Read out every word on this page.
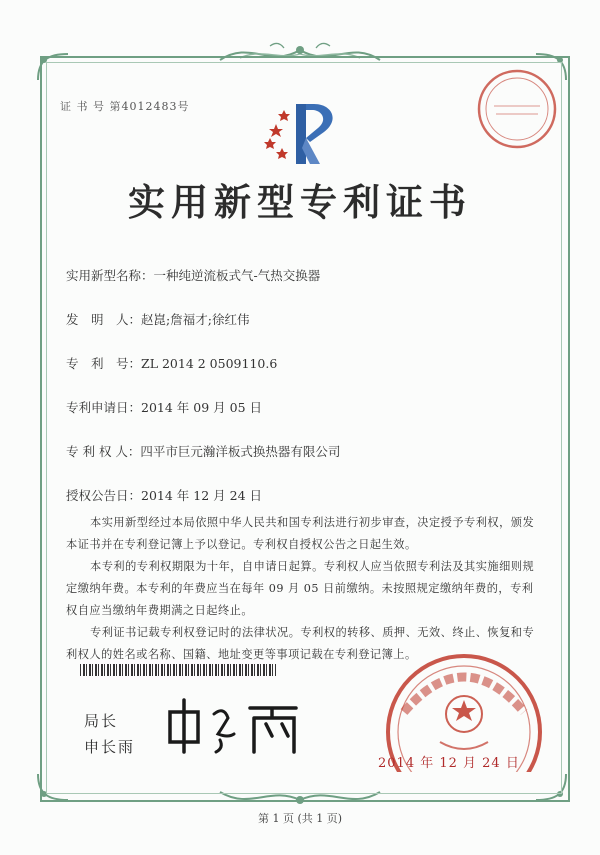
证 书 号 第4012483号
实用新型专利证书
实用新型名称：一种纯逆流板式气-气热交换器
发　明　人：赵崑;詹福才;徐红伟
专　利　号：ZL 2014 2 0509110.6
专利申请日：2014 年 09 月 05 日
专 利 权 人：四平市巨元瀚洋板式换热器有限公司
授权公告日：2014 年 12 月 24 日

本实用新型经过本局依照中华人民共和国专利法进行初步审查，决定授予专利权，颁发本证书并在专利登记簿上予以登记。专利权自授权公告之日起生效。

本专利的专利权期限为十年，自申请日起算。专利权人应当依照专利法及其实施细则规定缴纳年费。本专利的年费应当在每年 09 月 05 日前缴纳。未按照规定缴纳年费的，专利权自应当缴纳年费期满之日起终止。

专利证书记载专利权登记时的法律状况。专利权的转移、质押、无效、终止、恢复和专利权人的姓名或名称、国籍、地址变更等事项记载在专利登记簿上。

局长
申长雨
2014 年 12 月 24 日
第 1 页 (共 1 页)
